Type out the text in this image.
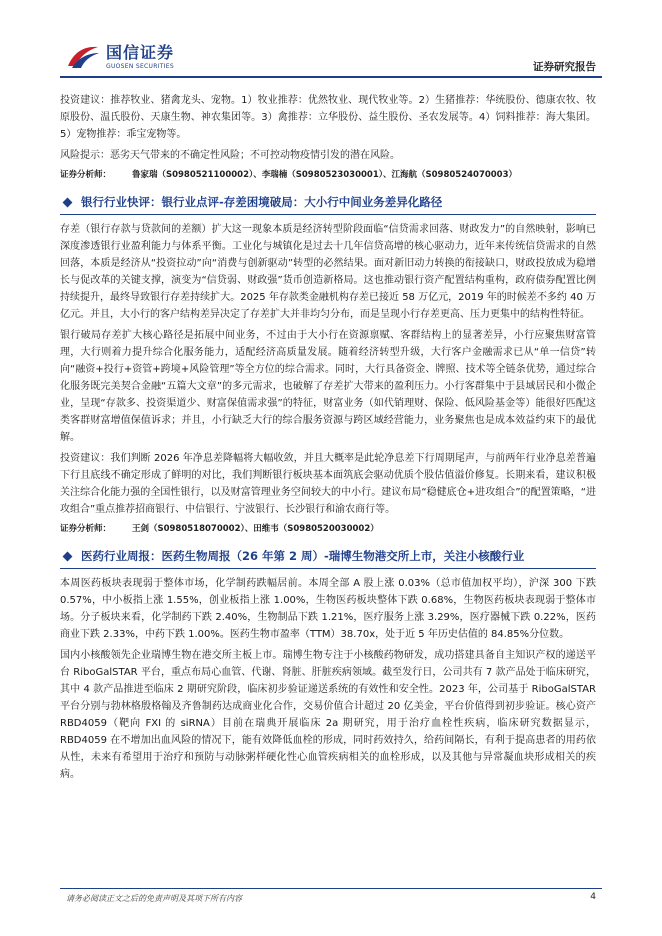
国信证券
GUOSEN SECURITIES	证券研究报告

投资建议：推荐牧业、猪禽龙头、宠物。1）牧业推荐：优然牧业、现代牧业等。2）生猪推荐：华统股份、德康农牧、牧原股份、温氏股份、天康生物、神农集团等。3）禽推荐：立华股份、益生股份、圣农发展等。4）饲料推荐：海大集团。5）宠物推荐：乖宝宠物等。

风险提示：恶劣天气带来的不确定性风险；不可控动物疫情引发的潜在风险。

证券分析师： 鲁家瑞（S0980521100002）、李瑞楠（S0980523030001）、江海航（S0980524070003）
银行行业快评：银行业点评-存差困境破局：大小行中间业务差异化路径

存差（银行存款与贷款间的差额）扩大这一现象本质是经济转型阶段面临“信贷需求回落、财政发力”的自然映射，影响已深度渗透银行业盈利能力与体系平衡。工业化与城镇化是过去十几年信贷高增的核心驱动力，近年来传统信贷需求的自然回落，本质是经济从“投资拉动”向“消费与创新驱动”转型的必然结果。面对新旧动力转换的衔接缺口，财政投放成为稳增长与促改革的关键支撑，演变为“信贷弱、财政强”货币创造新格局。这也推动银行资产配置结构重构，政府债券配置比例持续提升，最终导致银行存差持续扩大。2025 年存款类金融机构存差已接近 58 万亿元，2019 年的时候差不多约 40 万亿元。并且，大小行的客户结构差异决定了存差扩大并非均匀分布，而是呈现小行存差更高、压力更集中的结构性特征。

银行破局存差扩大核心路径是拓展中间业务，不过由于大小行在资源禀赋、客群结构上的显著差异，小行应聚焦财富管理，大行则着力提升综合化服务能力，适配经济高质量发展。随着经济转型升级，大行客户金融需求已从“单一信贷”转向“融资+投行+资管+跨境+风险管理”等全方位的综合需求。同时，大行具备资金、牌照、技术等全链条优势，通过综合化服务既完美契合金融“五篇大文章”的多元需求，也破解了存差扩大带来的盈利压力。小行客群集中于县域居民和小微企业，呈现“存款多、投资渠道少、财富保值需求强”的特征，财富业务（如代销理财、保险、低风险基金等）能很好匹配这类客群财富增值保值诉求；并且，小行缺乏大行的综合服务资源与跨区域经营能力，业务聚焦也是成本效益约束下的最优解。

投资建议：我们判断 2026 年净息差降幅将大幅收敛，并且大概率是此轮净息差下行周期尾声，与前两年行业净息差普遍下行且底线不确定形成了鲜明的对比，我们判断银行板块基本面筑底会驱动优质个股估值溢价修复。长期来看，建议积极关注综合化能力强的全国性银行，以及财富管理业务空间较大的中小行。建议布局“稳健底仓+进攻组合”的配置策略，“进攻组合”重点推荐招商银行、中信银行、宁波银行、长沙银行和渝农商行等。

证券分析师： 王剑（S0980518070002）、田维韦（S0980520030002）
医药行业周报：医药生物周报（26 年第 2 周）-瑞博生物港交所上市，关注小核酸行业

本周医药板块表现弱于整体市场，化学制药跌幅居前。本周全部 A 股上涨 0.03%（总市值加权平均），沪深 300 下跌 0.57%，中小板指上涨 1.55%，创业板指上涨 1.00%，生物医药板块整体下跌 0.68%，生物医药板块表现弱于整体市场。分子板块来看，化学制药下跌 2.40%，生物制品下跌 1.21%，医疗服务上涨 3.29%，医疗器械下跌 0.22%，医药商业下跌 2.33%，中药下跌 1.00%。医药生物市盈率（TTM）38.70x，处于近 5 年历史估值的 84.85%分位数。

国内小核酸领先企业瑞博生物在港交所主板上市。瑞博生物专注于小核酸药物研发，成功搭建具备自主知识产权的递送平台 RiboGalSTAR 平台，重点布局心血管、代谢、肾脏、肝脏疾病领域。截至发行日，公司共有 7 款产品处于临床研究，其中 4 款产品推进至临床 2 期研究阶段，临床初步验证递送系统的有效性和安全性。2023 年，公司基于 RiboGalSTAR 平台分别与勃林格殷格翰及齐鲁制药达成商业化合作，交易价值合计超过 20 亿美金，平台价值得到初步验证。核心资产 RBD4059（靶向 FXI 的 siRNA）目前在瑞典开展临床 2a 期研究，用于治疗血栓性疾病，临床研究数据显示，RBD4059 在不增加出血风险的情况下，能有效降低血栓的形成，同时药效持久，给药间隔长，有利于提高患者的用药依从性，未来有希望用于治疗和预防与动脉粥样硬化性心血管疾病相关的血栓形成，以及其他与异常凝血块形成相关的疾病。

请务必阅读正文之后的免责声明及其项下所有内容	4
